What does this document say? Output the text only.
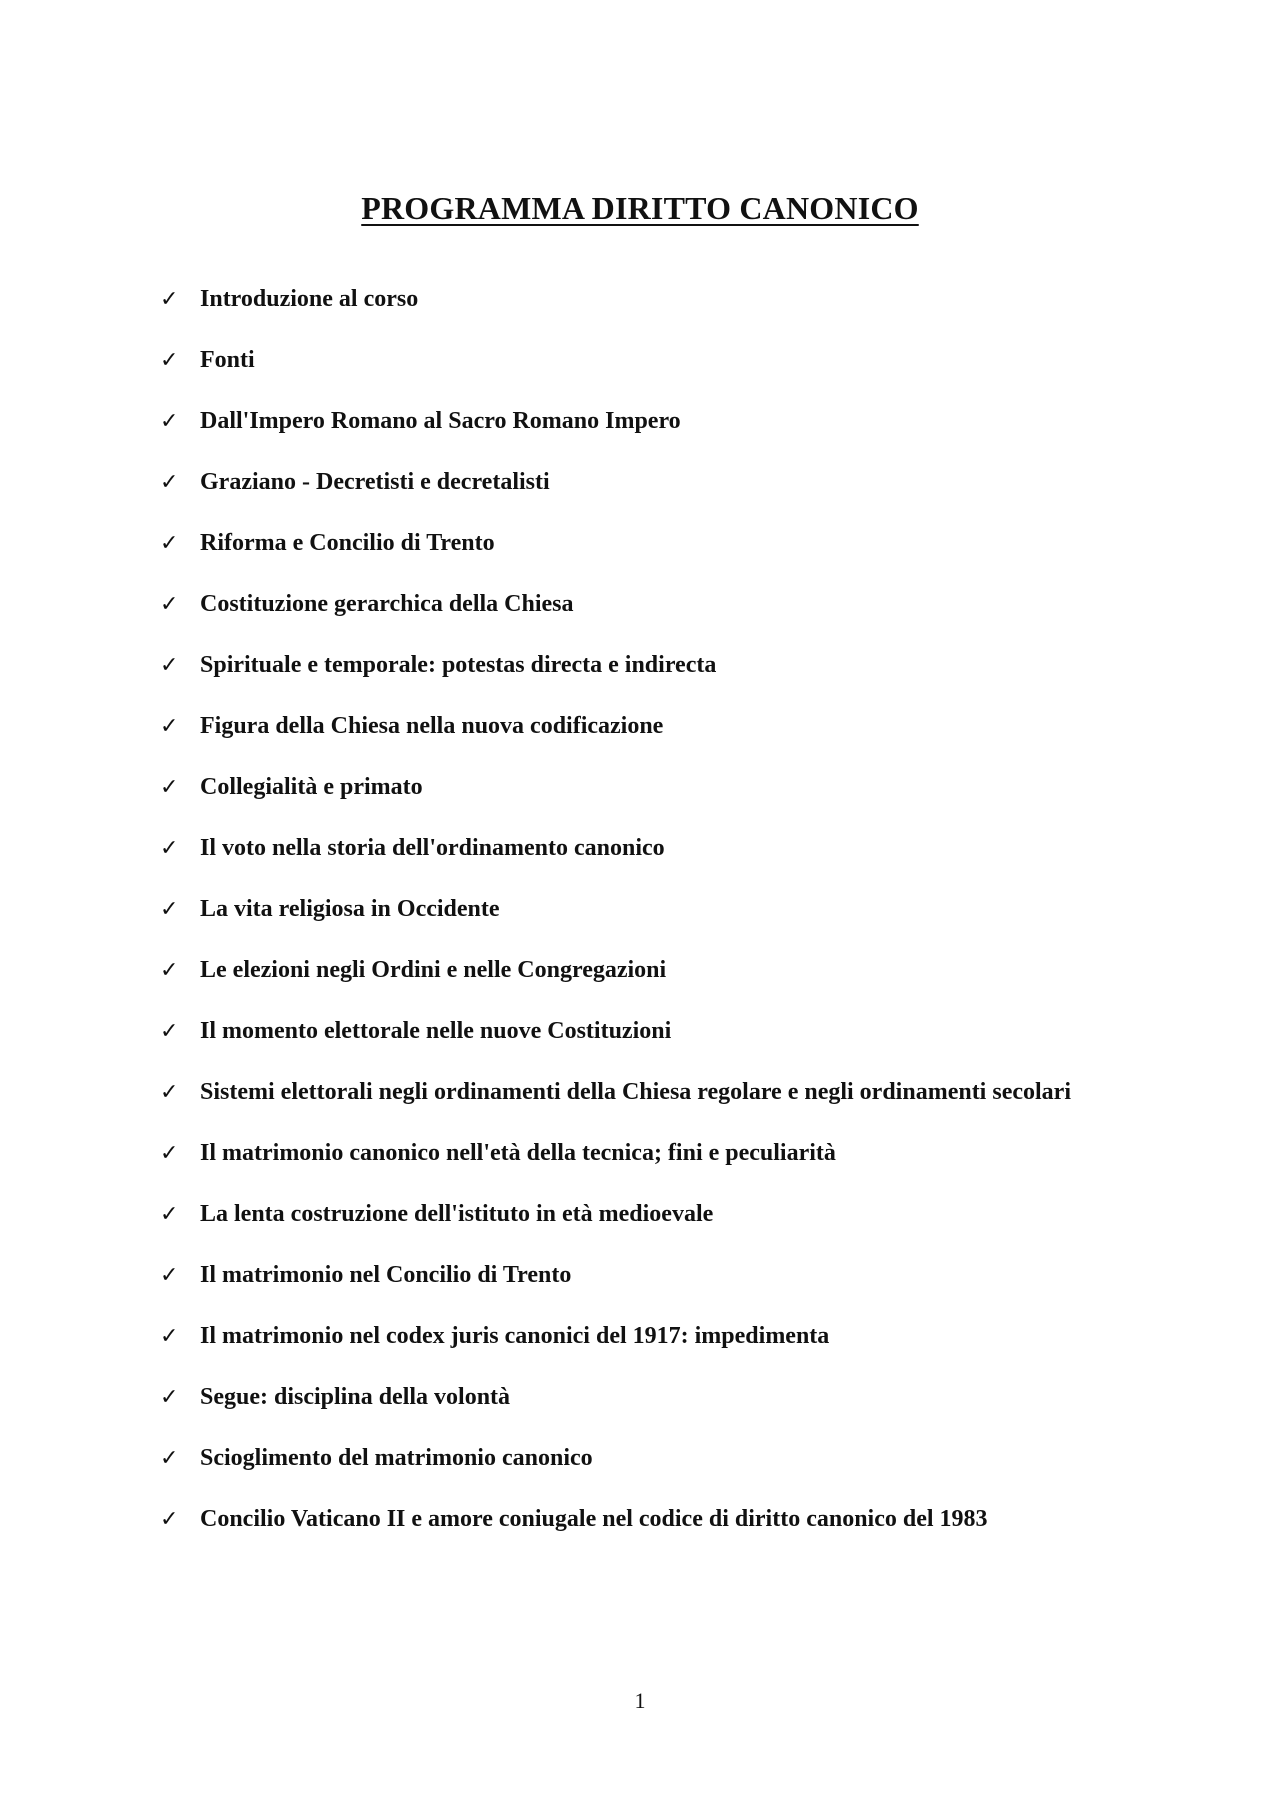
PROGRAMMA DIRITTO CANONICO
✓ Introduzione al corso
✓ Fonti
✓ Dall'Impero Romano al Sacro Romano Impero
✓ Graziano - Decretisti e decretalisti
✓ Riforma e Concilio di Trento
✓ Costituzione gerarchica della Chiesa
✓ Spirituale e temporale: potestas directa e indirecta
✓ Figura della Chiesa nella nuova codificazione
✓ Collegialità e primato
✓ Il voto nella storia dell'ordinamento canonico
✓ La vita religiosa in Occidente
✓ Le elezioni negli Ordini e nelle Congregazioni
✓ Il momento elettorale nelle nuove Costituzioni
✓ Sistemi elettorali negli ordinamenti della Chiesa regolare e negli ordinamenti secolari
✓ Il matrimonio canonico nell'età della tecnica; fini e peculiarità
✓ La lenta costruzione dell'istituto in età medioevale
✓ Il matrimonio nel Concilio di Trento
✓ Il matrimonio nel codex juris canonici del 1917: impedimenta
✓ Segue: disciplina della volontà
✓ Scioglimento del matrimonio canonico
✓ Concilio Vaticano II e amore coniugale nel codice di diritto canonico del 1983
1
